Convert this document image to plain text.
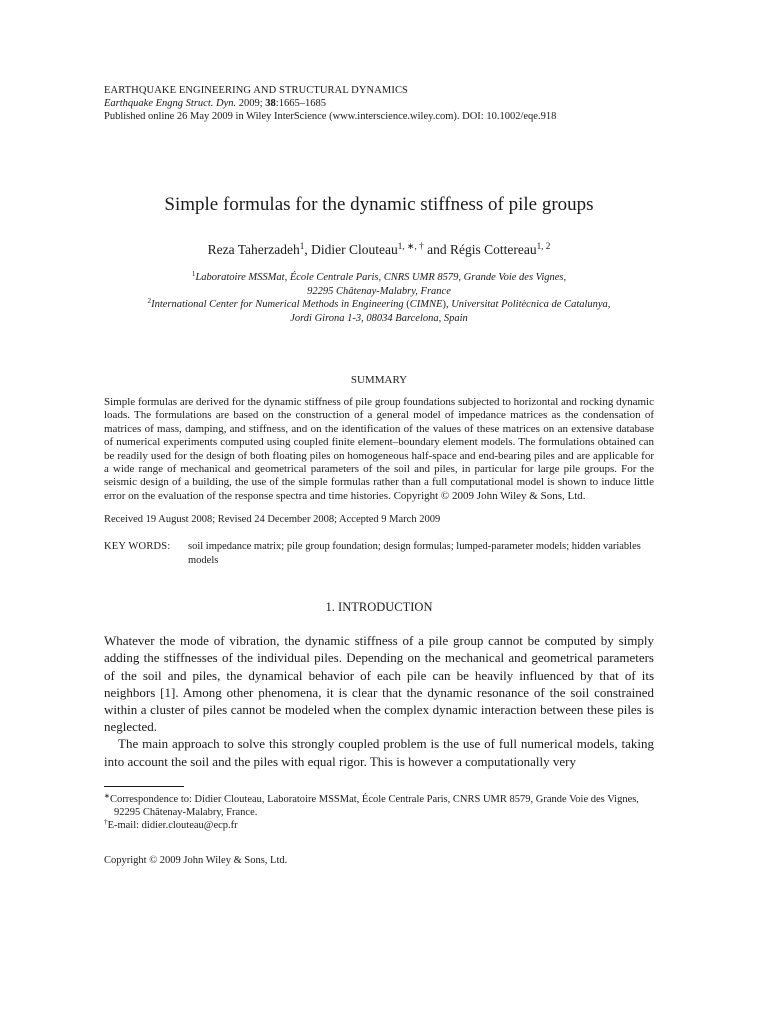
EARTHQUAKE ENGINEERING AND STRUCTURAL DYNAMICS
Earthquake Engng Struct. Dyn. 2009; 38:1665–1685
Published online 26 May 2009 in Wiley InterScience (www.interscience.wiley.com). DOI: 10.1002/eqe.918
Simple formulas for the dynamic stiffness of pile groups
Reza Taherzadeh$^1$, Didier Clouteau$^{1, ∗, \dagger}$ and Régis Cottereau$^{1, 2}$
$^1$Laboratoire MSSMat, École Centrale Paris, CNRS UMR 8579, Grande Voie des Vignes,
92295 Châtenay-Malabry, France
$^2$International Center for Numerical Methods in Engineering (CIMNE), Universitat Politècnica de Catalunya,
Jordi Girona 1-3, 08034 Barcelona, Spain
SUMMARY
Simple formulas are derived for the dynamic stiffness of pile group foundations subjected to horizontal and rocking dynamic loads. The formulations are based on the construction of a general model of impedance matrices as the condensation of matrices of mass, damping, and stiffness, and on the identification of the values of these matrices on an extensive database of numerical experiments computed using coupled finite element–boundary element models. The formulations obtained can be readily used for the design of both floating piles on homogeneous half-space and end-bearing piles and are applicable for a wide range of mechanical and geometrical parameters of the soil and piles, in particular for large pile groups. For the seismic design of a building, the use of the simple formulas rather than a full computational model is shown to induce little error on the evaluation of the response spectra and time histories. Copyright © 2009 John Wiley & Sons, Ltd.
Received 19 August 2008; Revised 24 December 2008; Accepted 9 March 2009
KEY WORDS:	soil impedance matrix; pile group foundation; design formulas; lumped-parameter models; hidden variables models
1. INTRODUCTION

Whatever the mode of vibration, the dynamic stiffness of a pile group cannot be computed by simply adding the stiffnesses of the individual piles. Depending on the mechanical and geometrical parameters of the soil and piles, the dynamical behavior of each pile can be heavily influenced by that of its neighbors [1]. Among other phenomena, it is clear that the dynamic resonance of the soil constrained within a cluster of piles cannot be modeled when the complex dynamic interaction between these piles is neglected.

The main approach to solve this strongly coupled problem is the use of full numerical models, taking into account the soil and the piles with equal rigor. This is however a computationally very

∗Correspondence to: Didier Clouteau, Laboratoire MSSMat, École Centrale Paris, CNRS UMR 8579, Grande Voie des Vignes, 92295 Châtenay-Malabry, France.
†E-mail: didier.clouteau@ecp.fr
Copyright © 2009 John Wiley & Sons, Ltd.
